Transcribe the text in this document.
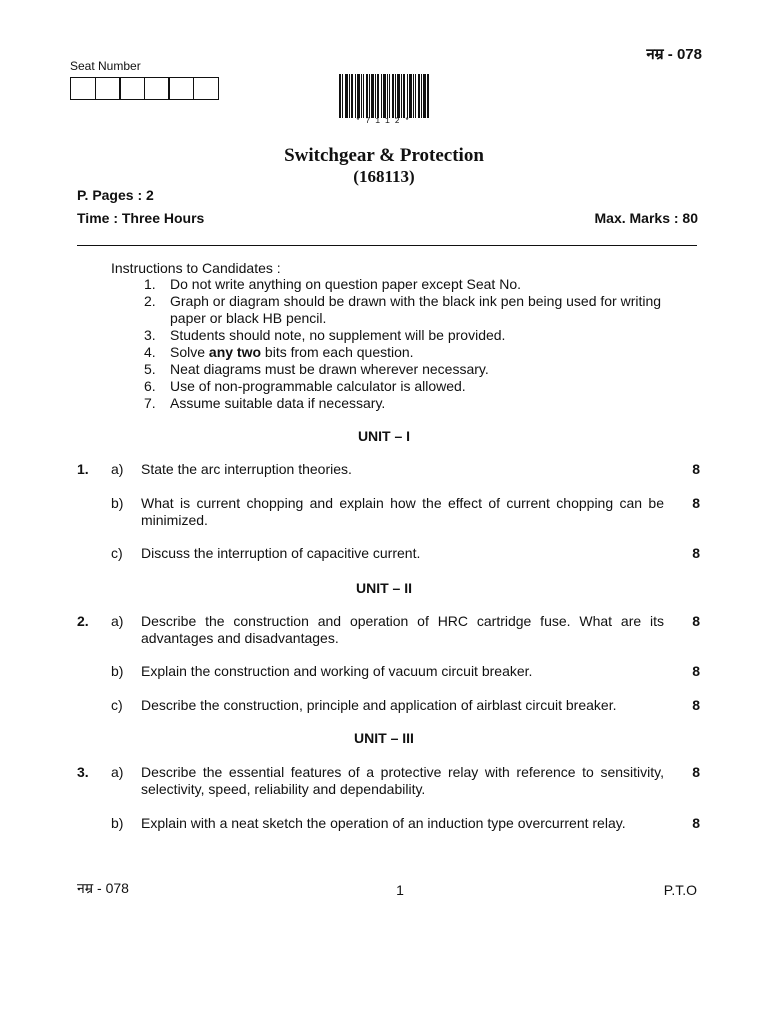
नम्र - 078
Seat Number
*7112*
Switchgear & Protection
(168113)
P. Pages : 2
Time : Three Hours	Max. Marks : 80
Instructions to Candidates :
1.	Do not write anything on question paper except Seat No.
2.	Graph or diagram should be drawn with the black ink pen being used for writing paper or black HB pencil.
3.	Students should note, no supplement will be provided.
4.	Solve any two bits from each question.
5.	Neat diagrams must be drawn wherever necessary.
6.	Use of non-programmable calculator is allowed.
7.	Assume suitable data if necessary.
UNIT – I
1. a) State the arc interruption theories.	8
b) What is current chopping and explain how the effect of current chopping can be minimized.
8
c) Discuss the interruption of capacitive current.	8
UNIT – II
2. a) Describe the construction and operation of HRC cartridge fuse. What are its advantages and disadvantages.
8
b) Explain the construction and working of vacuum circuit breaker.	8
c) Describe the construction, principle and application of airblast circuit breaker.	8
UNIT – III
3. a) Describe the essential features of a protective relay with reference to sensitivity, selectivity, speed, reliability and dependability.
8
b) Explain with a neat sketch the operation of an induction type overcurrent relay.	8
नम्र - 078	1	P.T.O
